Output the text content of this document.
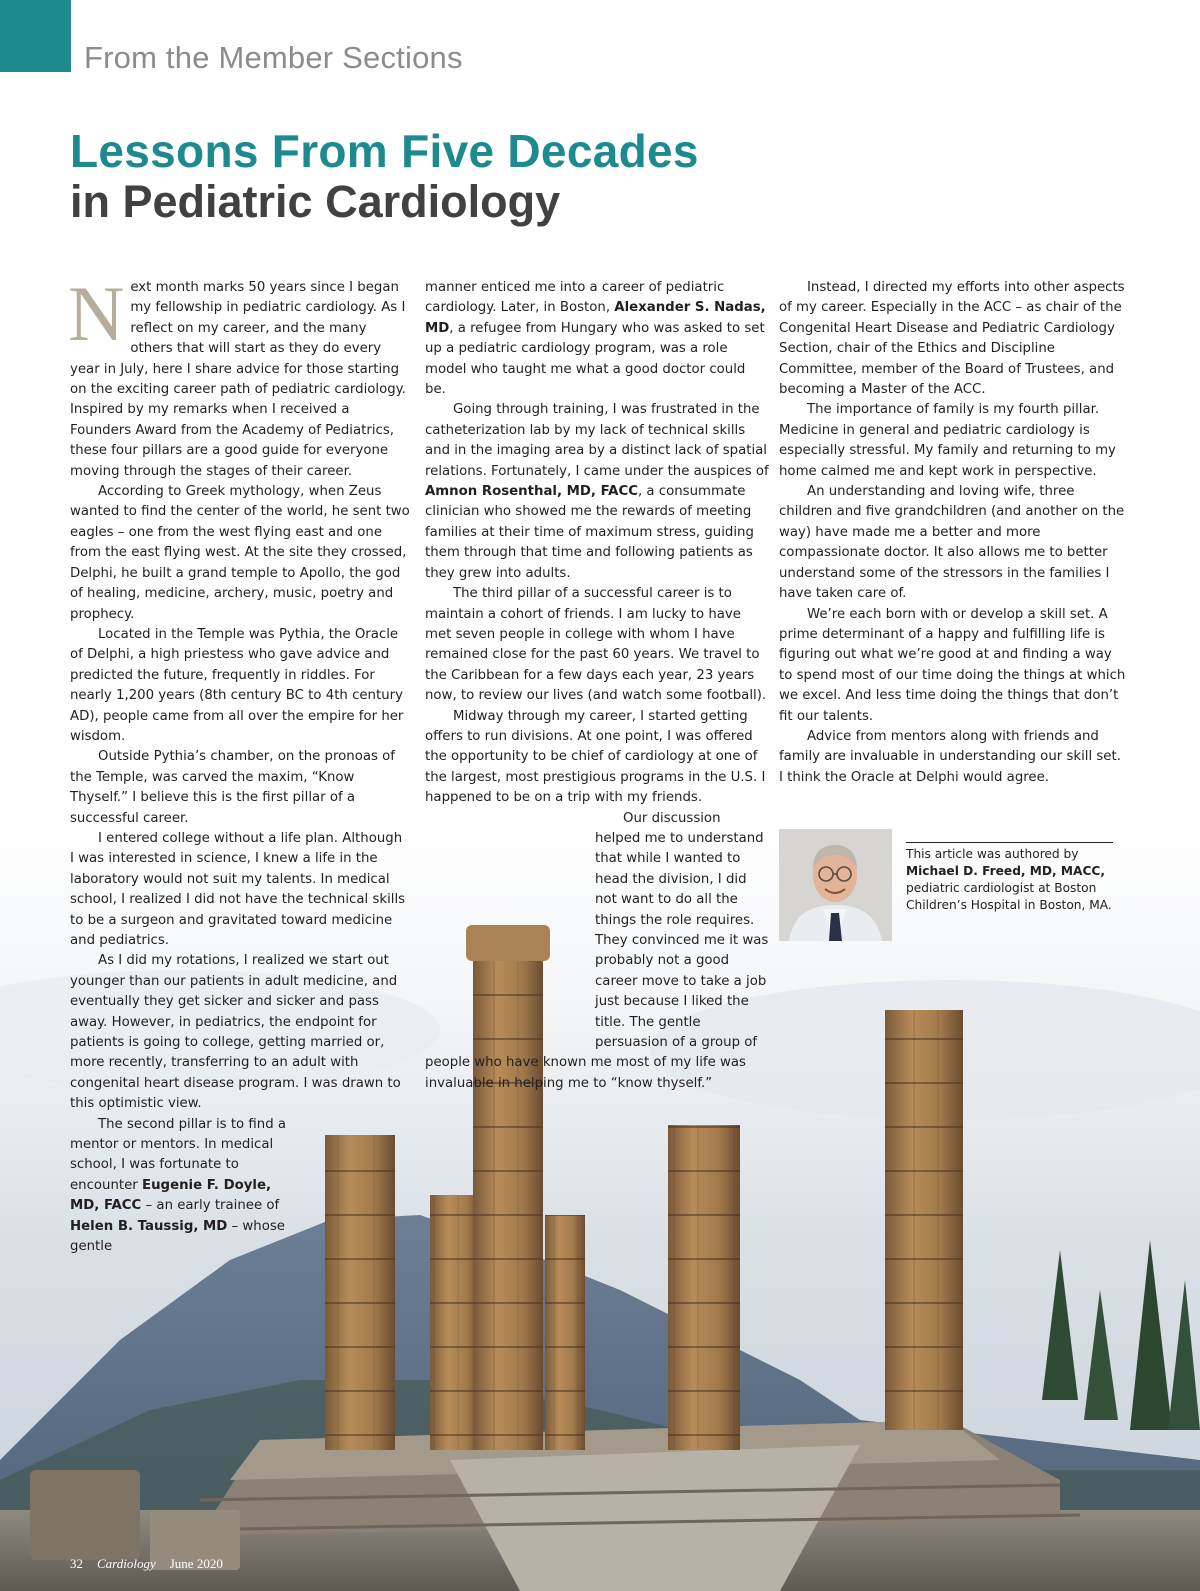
From the Member Sections
Lessons From Five Decades
in Pediatric Cardiology

Next month marks 50 years since I began my fellowship in pediatric cardiology. As I reflect on my career, and the many others that will start as they do every year in July, here I share advice for those starting on the exciting career path of pediatric cardiology. Inspired by my remarks when I received a Founders Award from the Academy of Pediatrics, these four pillars are a good guide for everyone moving through the stages of their career.

According to Greek mythology, when Zeus wanted to find the center of the world, he sent two eagles – one from the west flying east and one from the east flying west. At the site they crossed, Delphi, he built a grand temple to Apollo, the god of healing, medicine, archery, music, poetry and prophecy.

Located in the Temple was Pythia, the Oracle of Delphi, a high priestess who gave advice and predicted the future, frequently in riddles. For nearly 1,200 years (8th century BC to 4th century AD), people came from all over the empire for her wisdom.

Outside Pythia’s chamber, on the pronoas of the Temple, was carved the maxim, “Know Thyself.” I believe this is the first pillar of a successful career.

I entered college without a life plan. Although I was interested in science, I knew a life in the laboratory would not suit my talents. In medical school, I realized I did not have the technical skills to be a surgeon and gravitated toward medicine and pediatrics.

As I did my rotations, I realized we start out younger than our patients in adult medicine, and eventually they get sicker and sicker and pass away. However, in pediatrics, the endpoint for patients is going to college, getting married or, more recently, transferring to an adult with congenital heart disease program. I was drawn to this optimistic view.

The second pillar is to find a mentor or mentors. In medical school, I was fortunate to encounter Eugenie F. Doyle, MD, FACC – an early trainee of Helen B. Taussig, MD – whose gentle

manner enticed me into a career of pediatric cardiology. Later, in Boston, Alexander S. Nadas, MD, a refugee from Hungary who was asked to set up a pediatric cardiology program, was a role model who taught me what a good doctor could be.

Going through training, I was frustrated in the catheterization lab by my lack of technical skills and in the imaging area by a distinct lack of spatial relations. Fortunately, I came under the auspices of Amnon Rosenthal, MD, FACC, a consummate clinician who showed me the rewards of meeting families at their time of maximum stress, guiding them through that time and following patients as they grew into adults.

The third pillar of a successful career is to maintain a cohort of friends. I am lucky to have met seven people in college with whom I have remained close for the past 60 years. We travel to the Caribbean for a few days each year, 23 years now, to review our lives (and watch some football).

Midway through my career, I started getting offers to run divisions. At one point, I was offered the opportunity to be chief of cardiology at one of the largest, most prestigious programs in the U.S. I happened to be on a trip with my friends.

Our discussion helped me to understand that while I wanted to head the division, I did not want to do all the things the role requires. They convinced me it was probably not a good career move to take a job just because I liked the title. The gentle persuasion of a group of people who have known me most of my life was invaluable in helping me to “know thyself.”

Instead, I directed my efforts into other aspects of my career. Especially in the ACC – as chair of the Congenital Heart Disease and Pediatric Cardiology Section, chair of the Ethics and Discipline Committee, member of the Board of Trustees, and becoming a Master of the ACC.

The importance of family is my fourth pillar. Medicine in general and pediatric cardiology is especially stressful. My family and returning to my home calmed me and kept work in perspective.

An understanding and loving wife, three children and five grandchildren (and another on the way) have made me a better and more compassionate doctor. It also allows me to better understand some of the stressors in the families I have taken care of.

We’re each born with or develop a skill set. A prime determinant of a happy and fulfilling life is figuring out what we’re good at and finding a way to spend most of our time doing the things at which we excel. And less time doing the things that don’t fit our talents.

Advice from mentors along with friends and family are invaluable in understanding our skill set. I think the Oracle at Delphi would agree.

This article was authored by
Michael D. Freed, MD, MACC,
pediatric cardiologist at Boston Children’s Hospital in Boston, MA.
32 Cardiology June 2020
